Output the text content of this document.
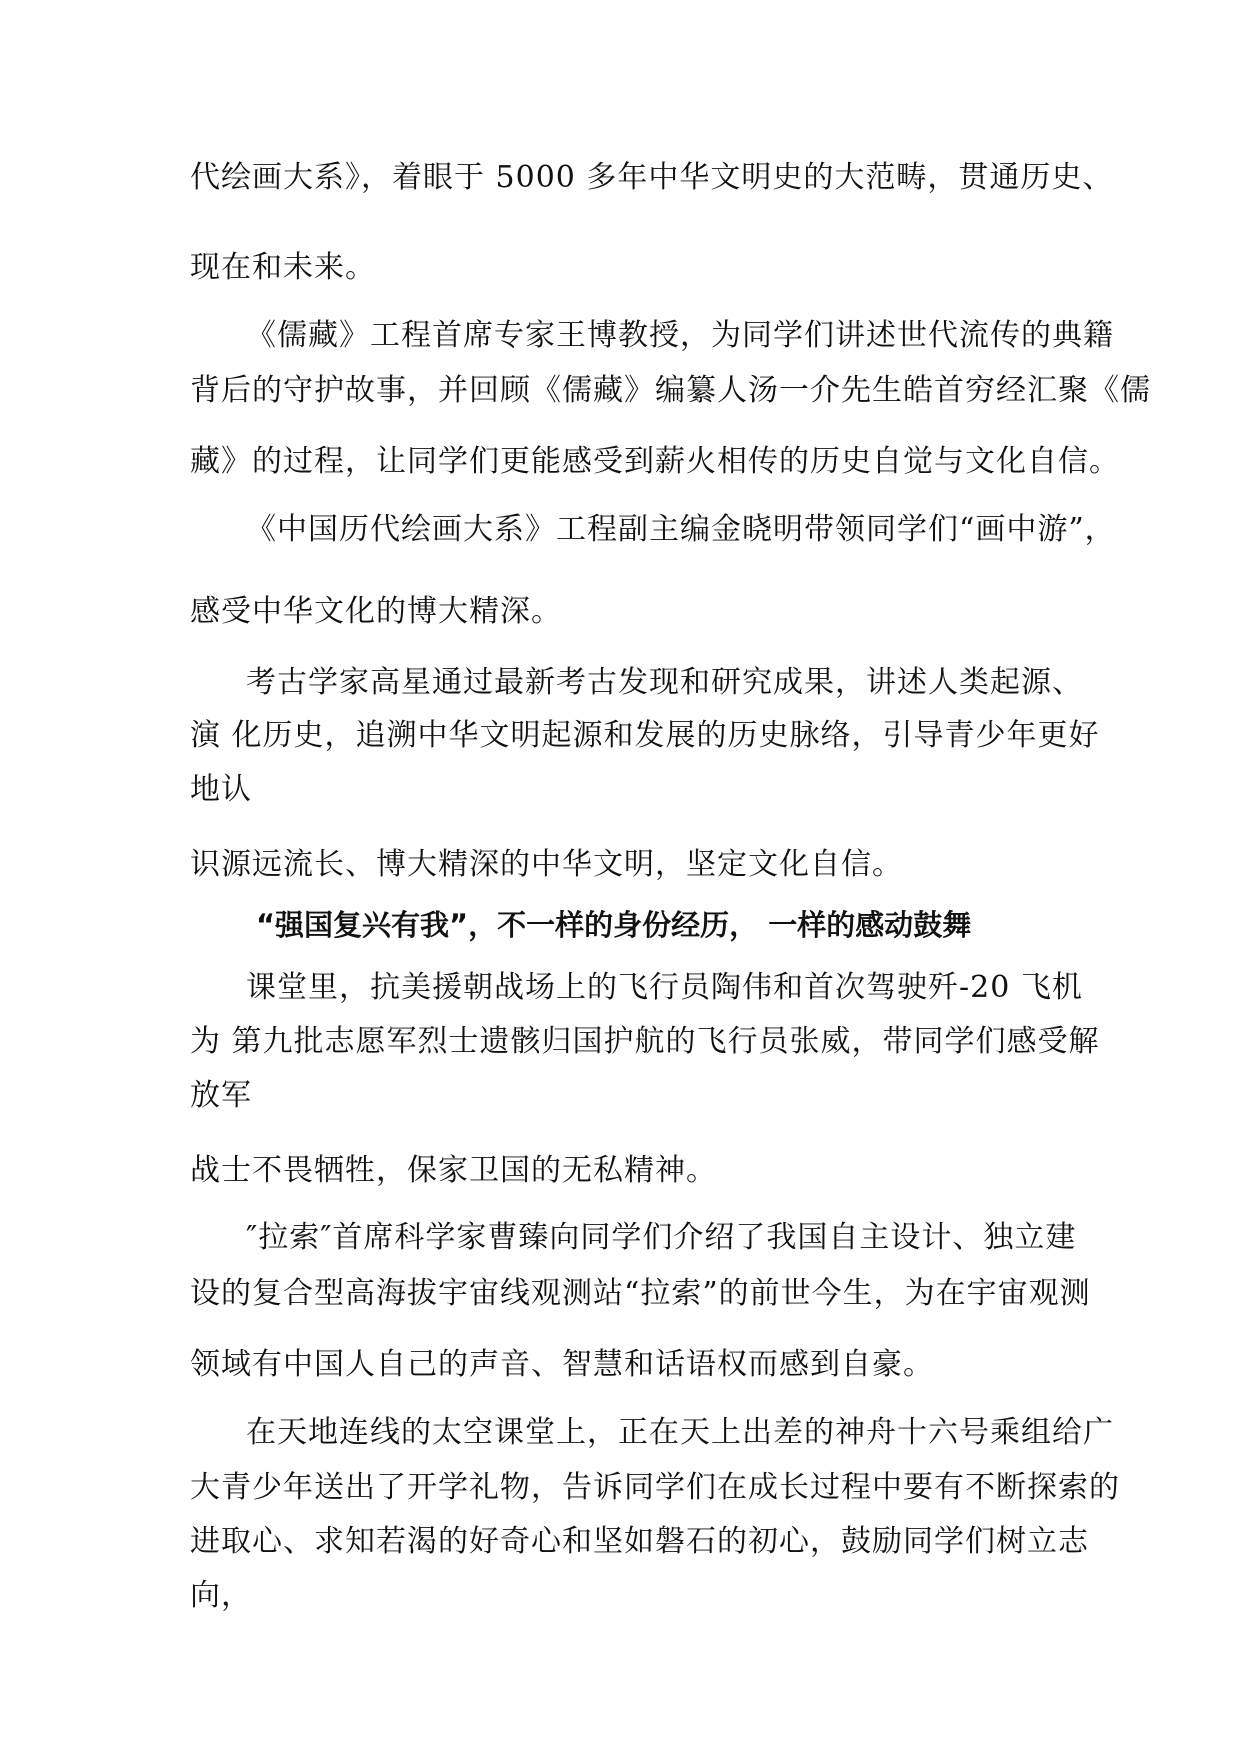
代绘画大系》，着眼于 5000 多年中华文明史的大范畴，贯通历史、
现在和未来。
《儒藏》工程首席专家王博教授，为同学们讲述世代流传的典籍
背后的守护故事，并回顾《儒藏》编纂人汤一介先生皓首穷经汇聚《儒
藏》的过程，让同学们更能感受到薪火相传的历史自觉与文化自信。
《中国历代绘画大系》工程副主编金晓明带领同学们“画中游”，
感受中华文化的博大精深。
考古学家高星通过最新考古发现和研究成果，讲述人类起源、
演 化历史，追溯中华文明起源和发展的历史脉络，引导青少年更好
地认
识源远流长、博大精深的中华文明，坚定文化自信。
“强国复兴有我”，不一样的身份经历， 一样的感动鼓舞
课堂里，抗美援朝战场上的飞行员陶伟和首次驾驶歼-20 飞机
为 第九批志愿军烈士遗骸归国护航的飞行员张威，带同学们感受解
放军
战士不畏牺牲，保家卫国的无私精神。
″拉索″首席科学家曹臻向同学们介绍了我国自主设计、独立建
设的复合型高海拔宇宙线观测站“拉索”的前世今生，为在宇宙观测
领域有中国人自己的声音、智慧和话语权而感到自豪。
在天地连线的太空课堂上，正在天上出差的神舟十六号乘组给广
大青少年送出了开学礼物，告诉同学们在成长过程中要有不断探索的
进取心、求知若渴的好奇心和坚如磐石的初心，鼓励同学们树立志
向，
